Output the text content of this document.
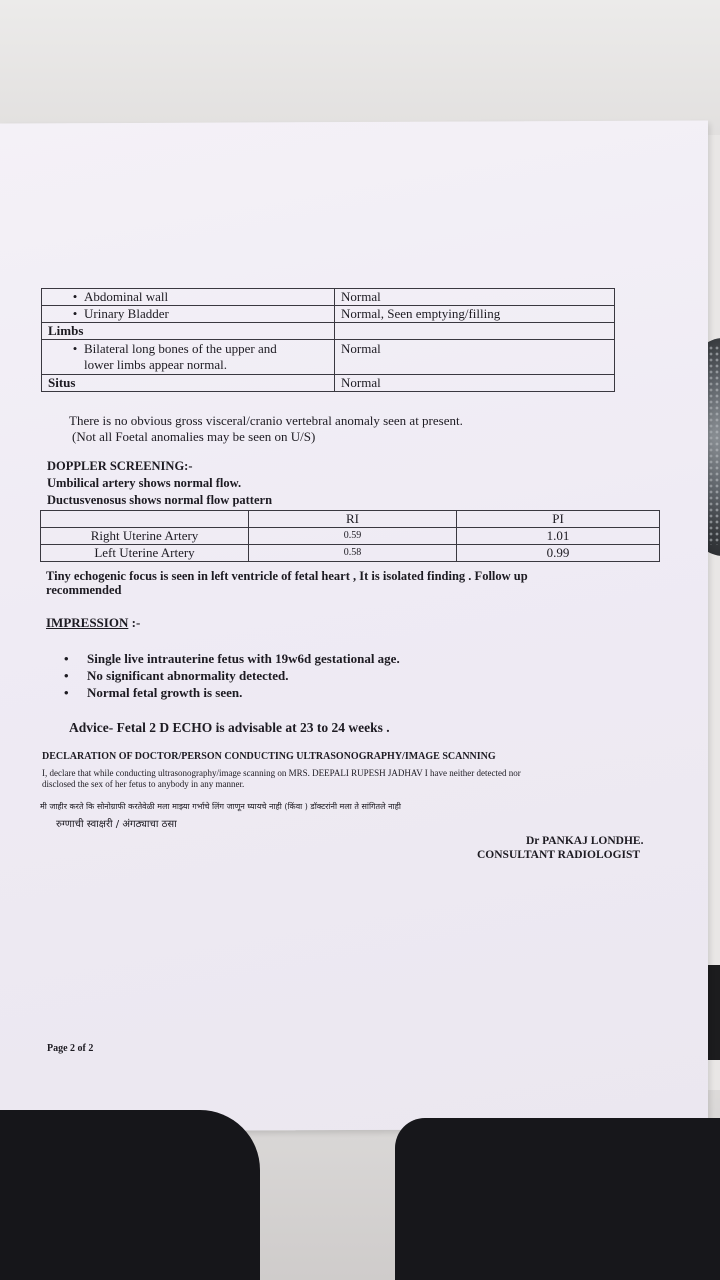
• Abdominal wall	Normal
• Urinary Bladder	Normal, Seen emptying/filling
Limbs	
• Bilateral long bones of the upper and
lower limbs appear normal.	Normal
Situs	Normal
There is no obvious gross visceral/cranio vertebral anomaly seen at present.
(Not all Foetal anomalies may be seen on U/S)
DOPPLER SCREENING:-
Umbilical artery shows normal flow.
Ductusvenosus shows normal flow pattern
	RI	PI
Right Uterine Artery	0.59	1.01
Left Uterine Artery	0.58	0.99
Tiny echogenic focus is seen in left ventricle of fetal heart , It is isolated finding . Follow up
recommended
IMPRESSION :-
• Single live intrauterine fetus with 19w6d gestational age.
• No significant abnormality detected.
• Normal fetal growth is seen.
Advice- Fetal 2 D ECHO is advisable at 23 to 24 weeks .
DECLARATION OF DOCTOR/PERSON CONDUCTING ULTRASONOGRAPHY/IMAGE SCANNING
I, declare that while conducting ultrasonography/image scanning on MRS. DEEPALI RUPESH JADHAV I have neither detected nor
disclosed the sex of her fetus to anybody in any manner.
मी जाहीर करते कि सोनोग्राफी करतेवेळी मला माझ्या गर्भाचे लिंग जाणून घ्यायचे नाही (किंवा ) डॉक्टरांनी मला ते सांगितले नाही
रुग्णाची स्वाक्षरी / अंगठ्याचा ठसा
Dr PANKAJ LONDHE.
CONSULTANT RADIOLOGIST
Page 2 of 2
